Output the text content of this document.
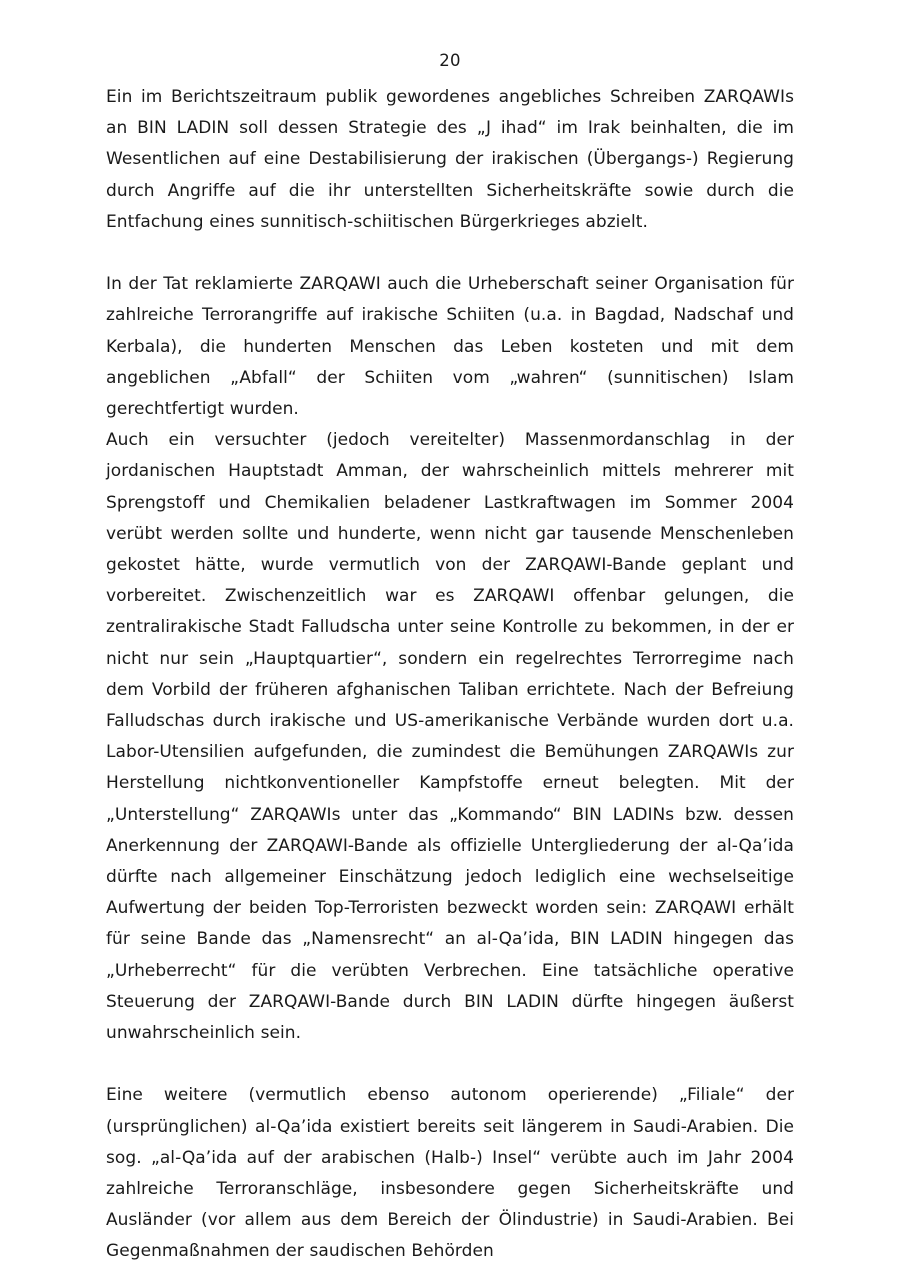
20

Ein im Berichtszeitraum publik gewordenes angebliches Schreiben ZARQAWIs an BIN LADIN soll dessen Strategie des „J ihad“ im Irak beinhalten, die im Wesentlichen auf eine Destabilisierung der irakischen (Übergangs-) Regierung durch Angriffe auf die ihr unterstellten Sicherheitskräfte sowie durch die Entfachung eines sunnitisch-schiitischen Bürgerkrieges abzielt.

In der Tat reklamierte ZARQAWI auch die Urheberschaft seiner Organisation für zahlreiche Terrorangriffe auf irakische Schiiten (u.a. in Bagdad, Nadschaf und Kerbala), die hunderten Menschen das Leben kosteten und mit dem angeblichen „Abfall“ der Schiiten vom „wahren“ (sunnitischen) Islam gerechtfertigt wurden.

Auch ein versuchter (jedoch vereitelter) Massenmordanschlag in der jordanischen Hauptstadt Amman, der wahrscheinlich mittels mehrerer mit Sprengstoff und Chemikalien beladener Lastkraftwagen im Sommer 2004 verübt werden sollte und hunderte, wenn nicht gar tausende Menschenleben gekostet hätte, wurde vermutlich von der ZARQAWI-Bande geplant und vorbereitet. Zwischenzeitlich war es ZARQAWI offenbar gelungen, die zentralirakische Stadt Falludscha unter seine Kontrolle zu bekommen, in der er nicht nur sein „Hauptquartier“, sondern ein regelrechtes Terrorregime nach dem Vorbild der früheren afghanischen Taliban errichtete. Nach der Befreiung Falludschas durch irakische und US-amerikanische Verbände wurden dort u.a. Labor-Utensilien aufgefunden, die zumindest die Bemühungen ZARQAWIs zur Herstellung nichtkonventioneller Kampfstoffe erneut belegten. Mit der „Unterstellung“ ZARQAWIs unter das „Kommando“ BIN LADINs bzw. dessen Anerkennung der ZARQAWI-Bande als offizielle Untergliederung der al-Qa’ida dürfte nach allgemeiner Einschätzung jedoch lediglich eine wechselseitige Aufwertung der beiden Top-Terroristen bezweckt worden sein: ZARQAWI erhält für seine Bande das „Namensrecht“ an al-Qa’ida, BIN LADIN hingegen das „Urheberrecht“ für die verübten Verbrechen. Eine tatsächliche operative Steuerung der ZARQAWI-Bande durch BIN LADIN dürfte hingegen äußerst unwahrscheinlich sein.

Eine weitere (vermutlich ebenso autonom operierende) „Filiale“ der (ursprünglichen) al-Qa’ida existiert bereits seit längerem in Saudi-Arabien. Die sog. „al-Qa’ida auf der arabischen (Halb-) Insel“ verübte auch im Jahr 2004 zahlreiche Terroranschläge, insbesondere gegen Sicherheitskräfte und Ausländer (vor allem aus dem Bereich der Ölindustrie) in Saudi-Arabien. Bei Gegenmaßnahmen der saudischen Behörden
